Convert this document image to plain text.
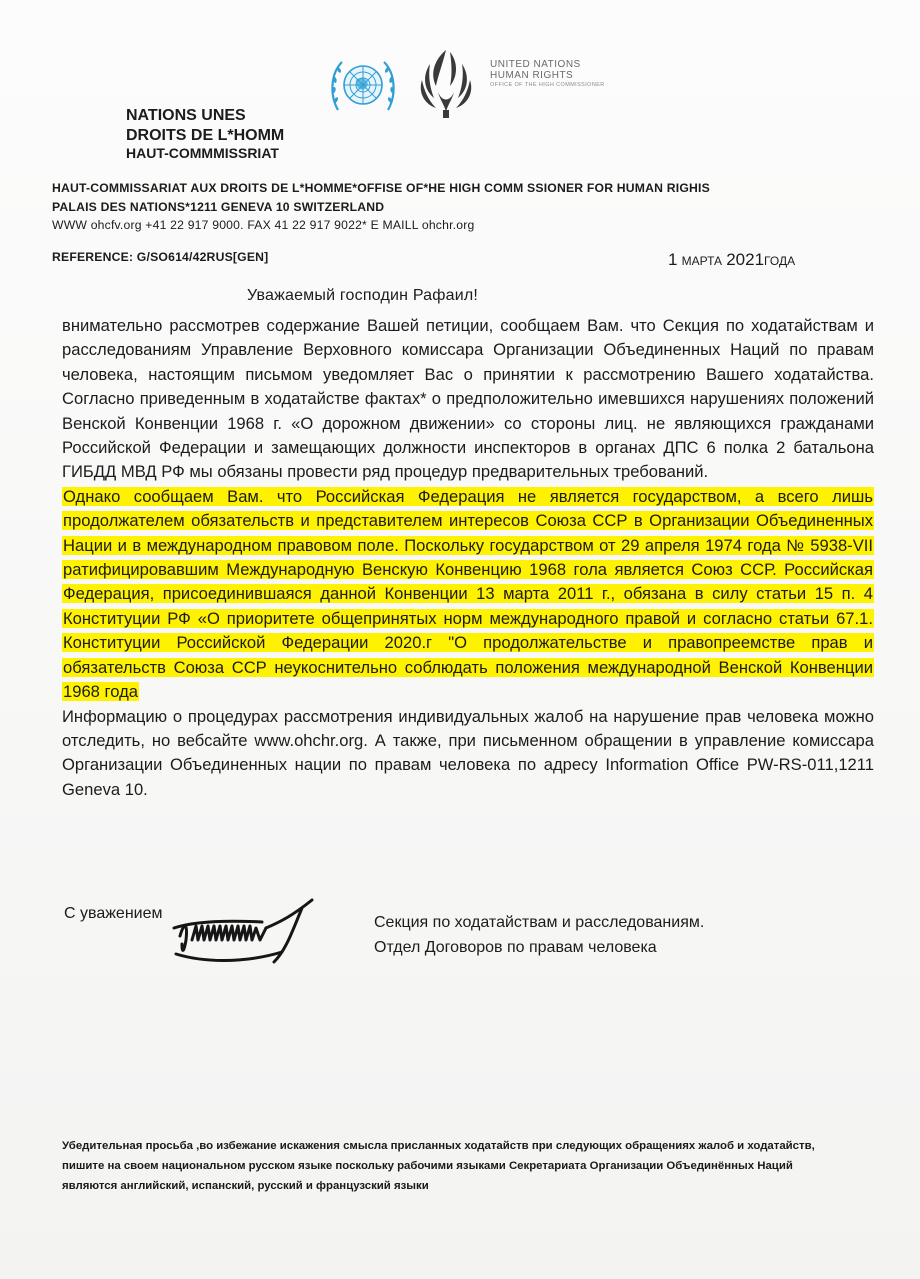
UNITED NATIONS
HUMAN RIGHTS
OFFICE OF THE HIGH COMMISSIONER
NATIONS UNES
DROITS DE L*HOMM
HAUT-COMMMISSRIAT
HAUT-COMMISSARIAT AUX DROITS DE L*HOMME*OFFISE OF*HE HIGH COMM SSIONER FOR HUMAN RIGHIS
PALAIS DES NATIONS*1211 GENEVA 10 SWITZERLAND
WWW ohcfv.org +41 22 917 9000. FAX 41 22 917 9022* E MAILL ohchr.org
REFERENCE: G/SO614/42RUS[GEN]	1 МАРТА 2021ГОДА
Уважаемый господин Рафаил!

внимательно рассмотрев содержание Вашей петиции, сообщаем Вам. что Секция по ходатайствам и расследованиям Управление Верховного комиссара Организации Объединенных Наций по правам человека, настоящим письмом уведомляет Вас о принятии к рассмотрению Вашего ходатайства. Согласно приведенным в ходатайстве фактах* о предположительно имевшихся нарушениях положений Венской Конвенции 1968 г. «О дорожном движении» со стороны лиц. не являющихся гражданами Российской Федерации и замещающих должности инспекторов в органах ДПС 6 полка 2 батальона ГИБДД МВД РФ мы обязаны провести ряд процедур предварительных требований.

Однако сообщаем Вам. что Российская Федерация не является государством, а всего лишь продолжателем обязательств и представителем интересов Союза ССР в Организации Объединенных Нации и в международном правовом поле. Поскольку государством от 29 апреля 1974 года № 5938-VII ратифицировавшим Международную Венскую Конвенцию 1968 гола является Союз ССР. Российская Федерация, присоединившаяся данной Конвенции 13 марта 2011 г., обязана в силу статьи 15 п. 4 Конституции РФ «О приоритете общепринятых норм международного правой и согласно статьи 67.1. Конституции Российской Федерации 2020.г "О продолжательстве и правопреемстве прав и обязательств Союза ССР неукоснительно соблюдать положения международной Венской Конвенции 1968 года

Информацию о процедурах рассмотрения индивидуальных жалоб на нарушение прав человека можно отследить, но вебсайте www.ohchr.org. А также, при письменном обращении в управление комиссара Организации Объединенных нации по правам человека по адресу Information Office PW-RS-011,1211 Geneva 10.

С уважением
Секция по ходатайствам и расследованиям.
Отдел Договоров по правам человека

Убедительная просьба ,во избежание искажения смысла присланных ходатайств при следующих обращениях жалоб и ходатайств, пишите на своем национальном русском языке поскольку рабочими языками Секретариата Организации Объединённых Наций являются английский, испанский, русский и французский языки
